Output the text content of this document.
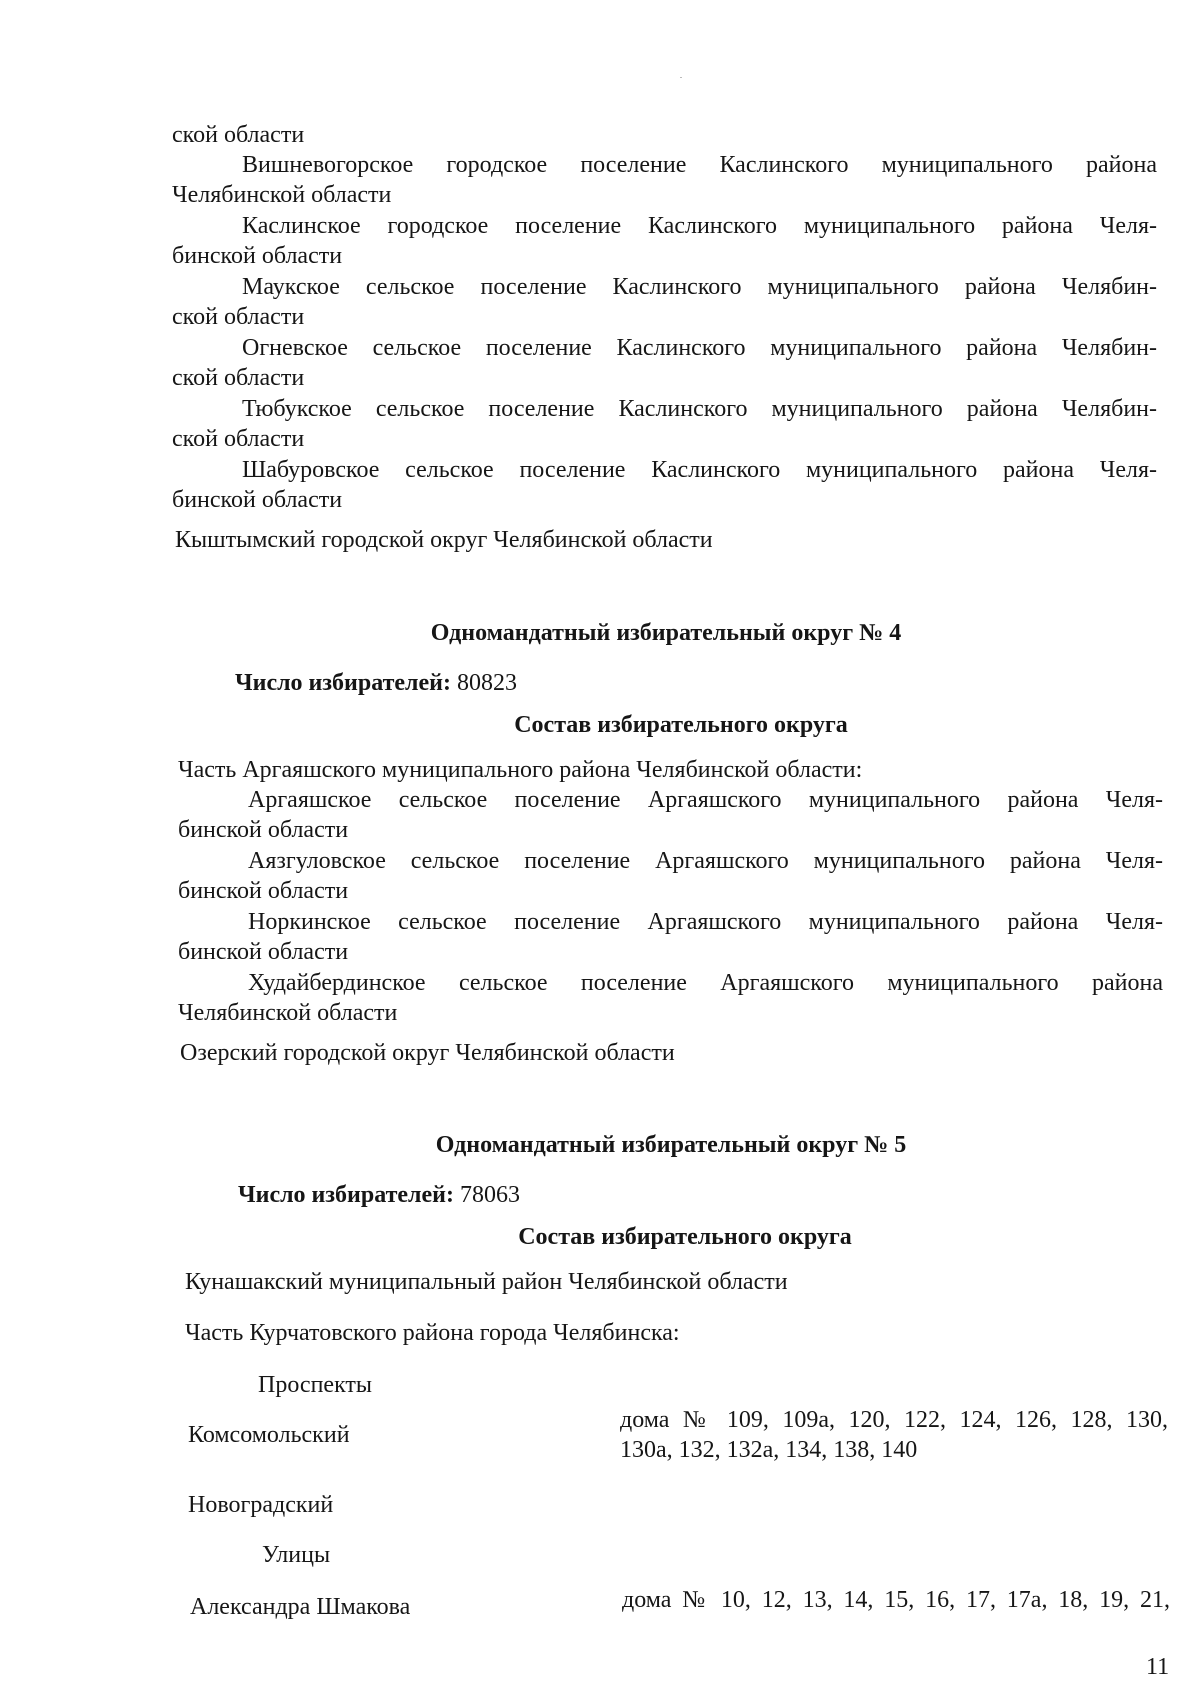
ской области
Вишневогорское городское поселение Каслинского муниципального района
Челябинской области
Каслинское городское поселение Каслинского муниципального района Челя-
бинской области
Маукское сельское поселение Каслинского муниципального района Челябин-
ской области
Огневское сельское поселение Каслинского муниципального района Челябин-
ской области
Тюбукское сельское поселение Каслинского муниципального района Челябин-
ской области
Шабуровское сельское поселение Каслинского муниципального района Челя-
бинской области
Кыштымский городской округ Челябинской области
Одномандатный избирательный округ № 4
Число избирателей: 80823
Состав избирательного округа
Часть Аргаяшского муниципального района Челябинской области:
Аргаяшское сельское поселение Аргаяшского муниципального района Челя-
бинской области
Аязгуловское сельское поселение Аргаяшского муниципального района Челя-
бинской области
Норкинское сельское поселение Аргаяшского муниципального района Челя-
бинской области
Худайбердинское сельское поселение Аргаяшского муниципального района
Челябинской области
Озерский городской округ Челябинской области
Одномандатный избирательный округ № 5
Число избирателей: 78063
Состав избирательного округа
Кунашакский муниципальный район Челябинской области
Часть Курчатовского района города Челябинска:
Проспекты
Комсомольский
дома № 109, 109а, 120, 122, 124, 126, 128, 130,
130а, 132, 132а, 134, 138, 140
Новоградский
Улицы
Александра Шмакова	дома № 10, 12, 13, 14, 15, 16, 17, 17а, 18, 19, 21,
11
